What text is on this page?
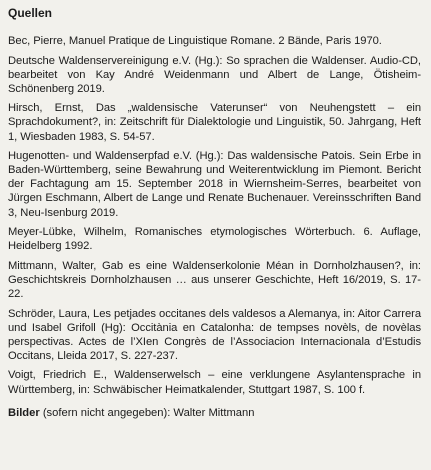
Quellen
Bec, Pierre, Manuel Pratique de Linguistique Romane. 2 Bände, Paris 1970.
Deutsche Waldenservereinigung e.V. (Hg.): So sprachen die Waldenser. Audio-CD, bearbeitet von Kay André Weidenmann und Albert de Lange, Ötisheim-Schönenberg 2019.
Hirsch, Ernst, Das „waldensische Vaterunser“ von Neuhengstett – ein Sprachdokument?, in: Zeitschrift für Dialektologie und Linguistik, 50. Jahrgang, Heft 1, Wiesbaden 1983, S. 54-57.
Hugenotten- und Waldenserpfad e.V. (Hg.): Das waldensische Patois. Sein Erbe in Baden-Württemberg, seine Bewahrung und Weiterentwicklung im Piemont. Bericht der Fachtagung am 15. September 2018 in Wiernsheim-Serres, bearbeitet von Jürgen Eschmann, Albert de Lange und Renate Buchenauer. Vereinsschriften Band 3, Neu-Isenburg 2019.
Meyer-Lübke, Wilhelm, Romanisches etymologisches Wörterbuch. 6. Auflage, Heidelberg 1992.
Mittmann, Walter, Gab es eine Waldenserkolonie Méan in Dornholzhausen?, in: Geschichtskreis Dornholzhausen … aus unserer Geschichte, Heft 16/2019, S. 17-22.
Schröder, Laura, Les petjades occitanes dels valdesos a Alemanya, in: Aitor Carrera und Isabel Grifoll (Hg): Occitània en Catalonha: de tempses novèls, de novèlas perspectivas. Actes de l’XIen Congrès de l’Associacion Internacionala d’Estudis Occitans, Lleida 2017, S. 227-237.
Voigt, Friedrich E., Waldenserwelsch – eine verklungene Asylantensprache in Württemberg, in: Schwäbischer Heimatkalender, Stuttgart 1987, S. 100 f.
Bilder (sofern nicht angegeben): Walter Mittmann
